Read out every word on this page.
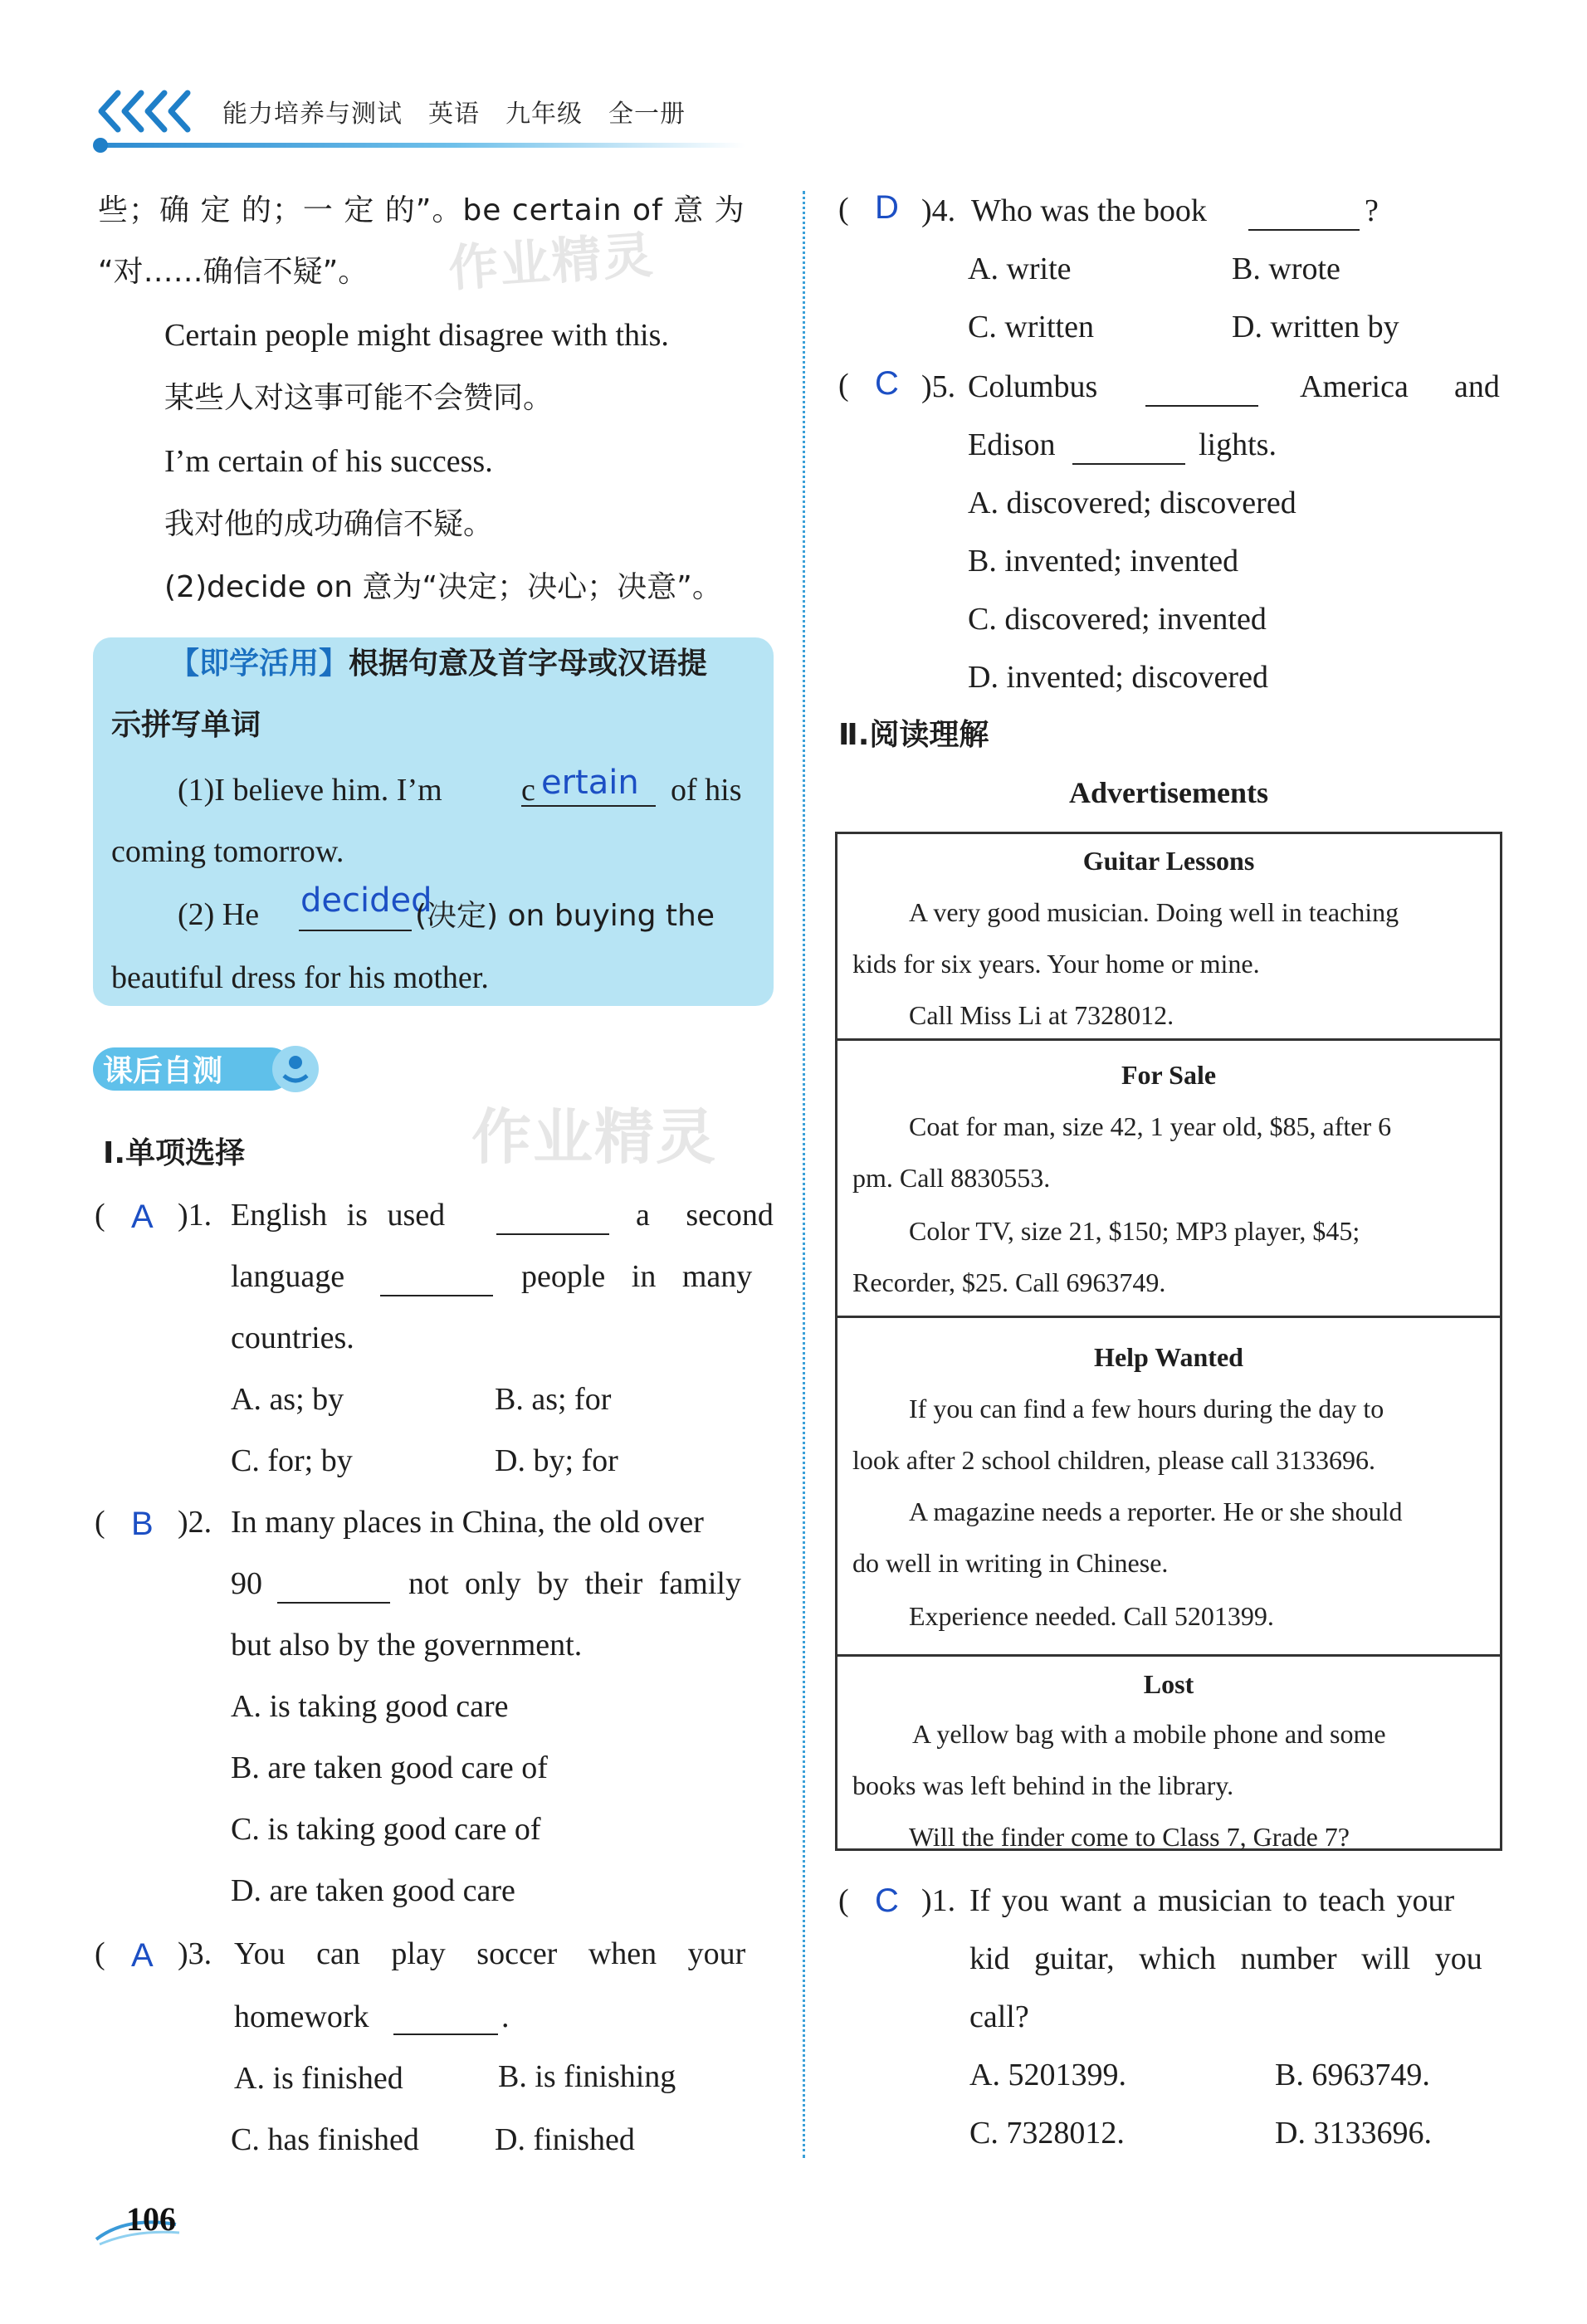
能力培养与测试　英语　九年级　全一册
作业精灵
作业精灵
些；确 定 的；一 定 的”。be certain of 意 为
“对……确信不疑”。
Certain people might disagree with this.
某些人对这事可能不会赞同。
I’m certain of his success.
我对他的成功确信不疑。
(2)decide on 意为“决定；决心；决意”。
【即学活用】 根据句意及首字母或汉语提
示拼写单词
(1)I believe him. I’m	c ertain of his
coming tomorrow.
(2) He decided
(决定) on buying the
beautiful dress for his mother.
课后自测
Ⅰ.单项选择
( A )1. English is used	a second
language	people in many
countries.
A. as; by	B. as; for
C. for; by	D. by; for
( B )2. In many places in China, the old over
90	not only by their family
but also by the government.
A. is taking good care
B. are taken good care of
C. is taking good care of
D. are taken good care
( A )3. You can play soccer when your
homework	.
A. is finished	B. is finishing
C. has finished D. finished
( D )4. Who was the book	?
A. write	B. wrote
C. written	D. written by
( C )5. Columbus	America and
Edison	lights.
A. discovered; discovered
B. invented; invented
C. discovered; invented
D. invented; discovered
Ⅱ.阅读理解
Advertisements
Guitar Lessons
A very good musician. Doing well in teaching
kids for six years. Your home or mine.
Call Miss Li at 7328012.
For Sale
Coat for man, size 42, 1 year old, $85, after 6
pm. Call 8830553.
Color TV, size 21, $150; MP3 player, $45;
Recorder, $25. Call 6963749.
Help Wanted
If you can find a few hours during the day to
look after 2 school children, please call 3133696.
A magazine needs a reporter. He or she should
do well in writing in Chinese.
Experience needed. Call 5201399.
Lost
A yellow bag with a mobile phone and some
books was left behind in the library.
Will the finder come to Class 7, Grade 7?
( C )1. If you want a musician to teach your
kid guitar, which number will you
call?
A. 5201399.	B. 6963749.
C. 7328012.	D. 3133696.
106
